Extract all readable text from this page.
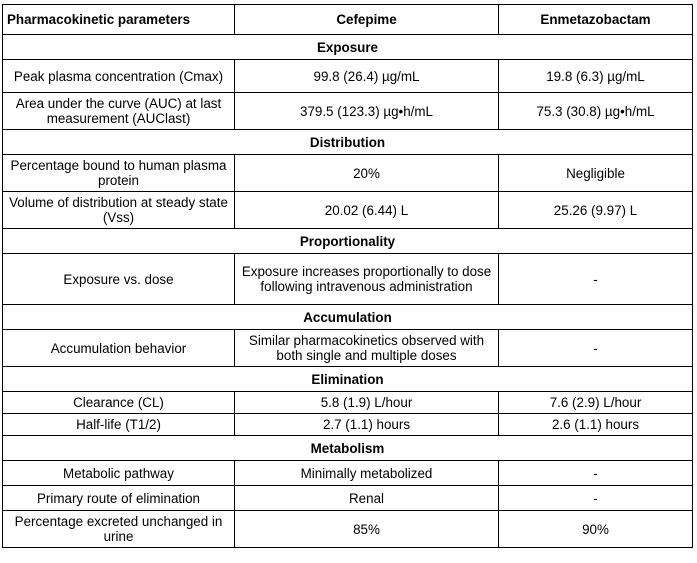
Pharmacokinetic parameters	Cefepime	Enmetazobactam
Exposure		
Peak plasma concentration (Cmax)	99.8 (26.4) µg/mL	19.8 (6.3) µg/mL
Area under the curve (AUC) at last measurement (AUClast)	379.5 (123.3) µg•h/mL	75.3 (30.8) µg•h/mL
Distribution		
Percentage bound to human plasma protein	20%	Negligible
Volume of distribution at steady state (Vss)	20.02 (6.44) L	25.26 (9.97) L
Proportionality		
Exposure vs. dose	Exposure increases proportionally to dose following intravenous administration	-
Accumulation		
Accumulation behavior	Similar pharmacokinetics observed with both single and multiple doses	-
Elimination		
Clearance (CL)	5.8 (1.9) L/hour	7.6 (2.9) L/hour
Half-life (T1/2)	2.7 (1.1) hours	2.6 (1.1) hours
Metabolism		
Metabolic pathway	Minimally metabolized	-
Primary route of elimination	Renal	-
Percentage excreted unchanged in urine	85%	90%
